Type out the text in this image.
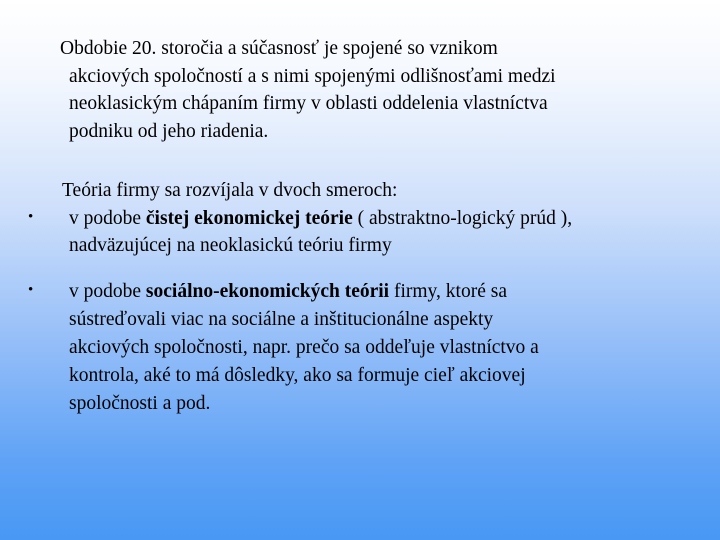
Obdobie 20. storočia a súčasnosť je spojené so vznikom
akciových spoločností a s nimi spojenými odlišnosťami medzi
neoklasickým chápaním firmy v oblasti oddelenia vlastníctva
podniku od jeho riadenia.
Teória firmy sa rozvíjala v dvoch smeroch:
• v podobe čistej ekonomickej teórie ( abstraktno-logický prúd ),
nadväzujúcej na neoklasickú teóriu firmy
• v podobe sociálno-ekonomických teórii firmy, ktoré sa
sústreďovali viac na sociálne a inštitucionálne aspekty
akciových spoločnosti, napr. prečo sa oddeľuje vlastníctvo a
kontrola, aké to má dôsledky, ako sa formuje cieľ akciovej
spoločnosti a pod.
